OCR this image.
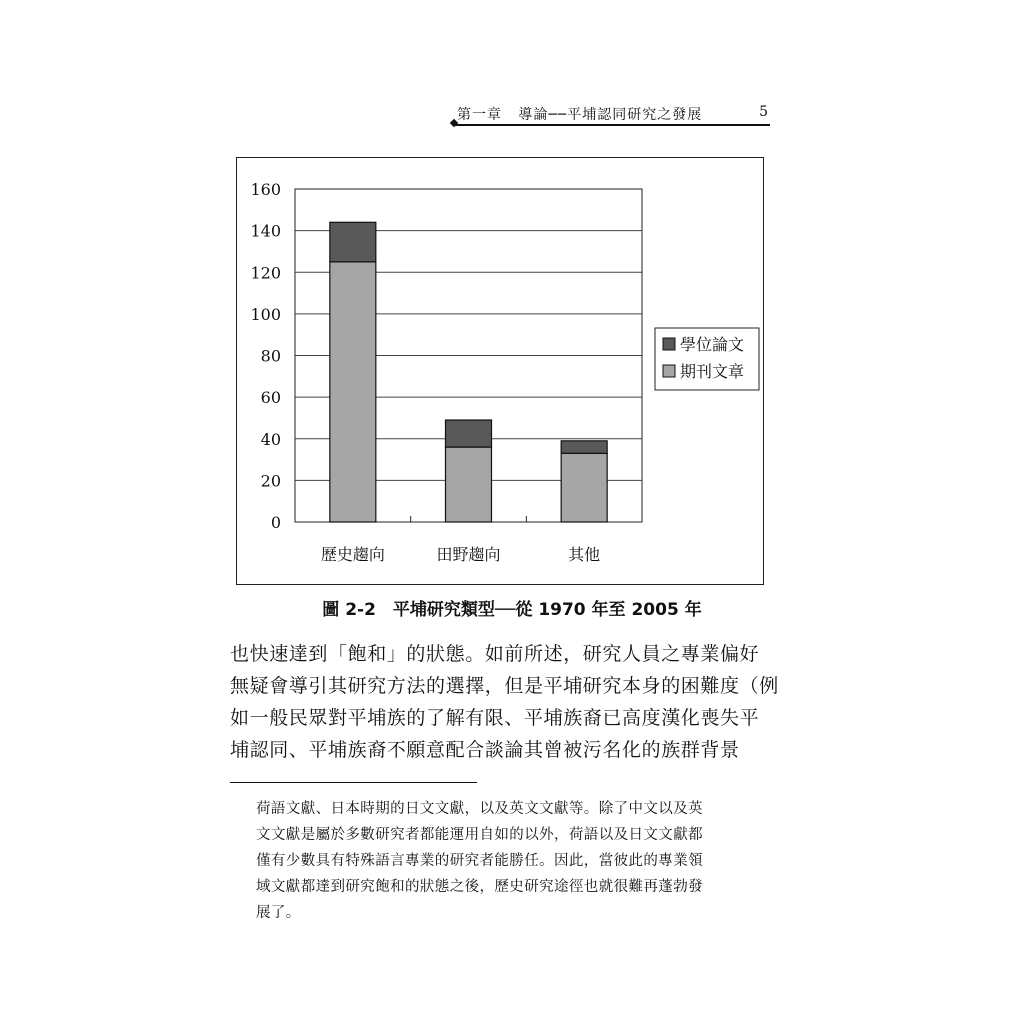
第一章 導論──平埔認同研究之發展	5
0
20
40
60
80
100
120
140
160
歷史趨向	田野趨向	其他
學位論文
期刊文章
圖 2-2　平埔研究類型──從 1970 年至 2005 年
也快速達到「飽和」的狀態。如前所述，研究人員之專業偏好
無疑會導引其研究方法的選擇，但是平埔研究本身的困難度（例
如一般民眾對平埔族的了解有限、平埔族裔已高度漢化喪失平
埔認同、平埔族裔不願意配合談論其曾被污名化的族群背景
荷語文獻、日本時期的日文文獻，以及英文文獻等。除了中文以及英
文文獻是屬於多數研究者都能運用自如的以外，荷語以及日文文獻都
僅有少數具有特殊語言專業的研究者能勝任。因此，當彼此的專業領
域文獻都達到研究飽和的狀態之後，歷史研究途徑也就很難再蓬勃發
展了。
